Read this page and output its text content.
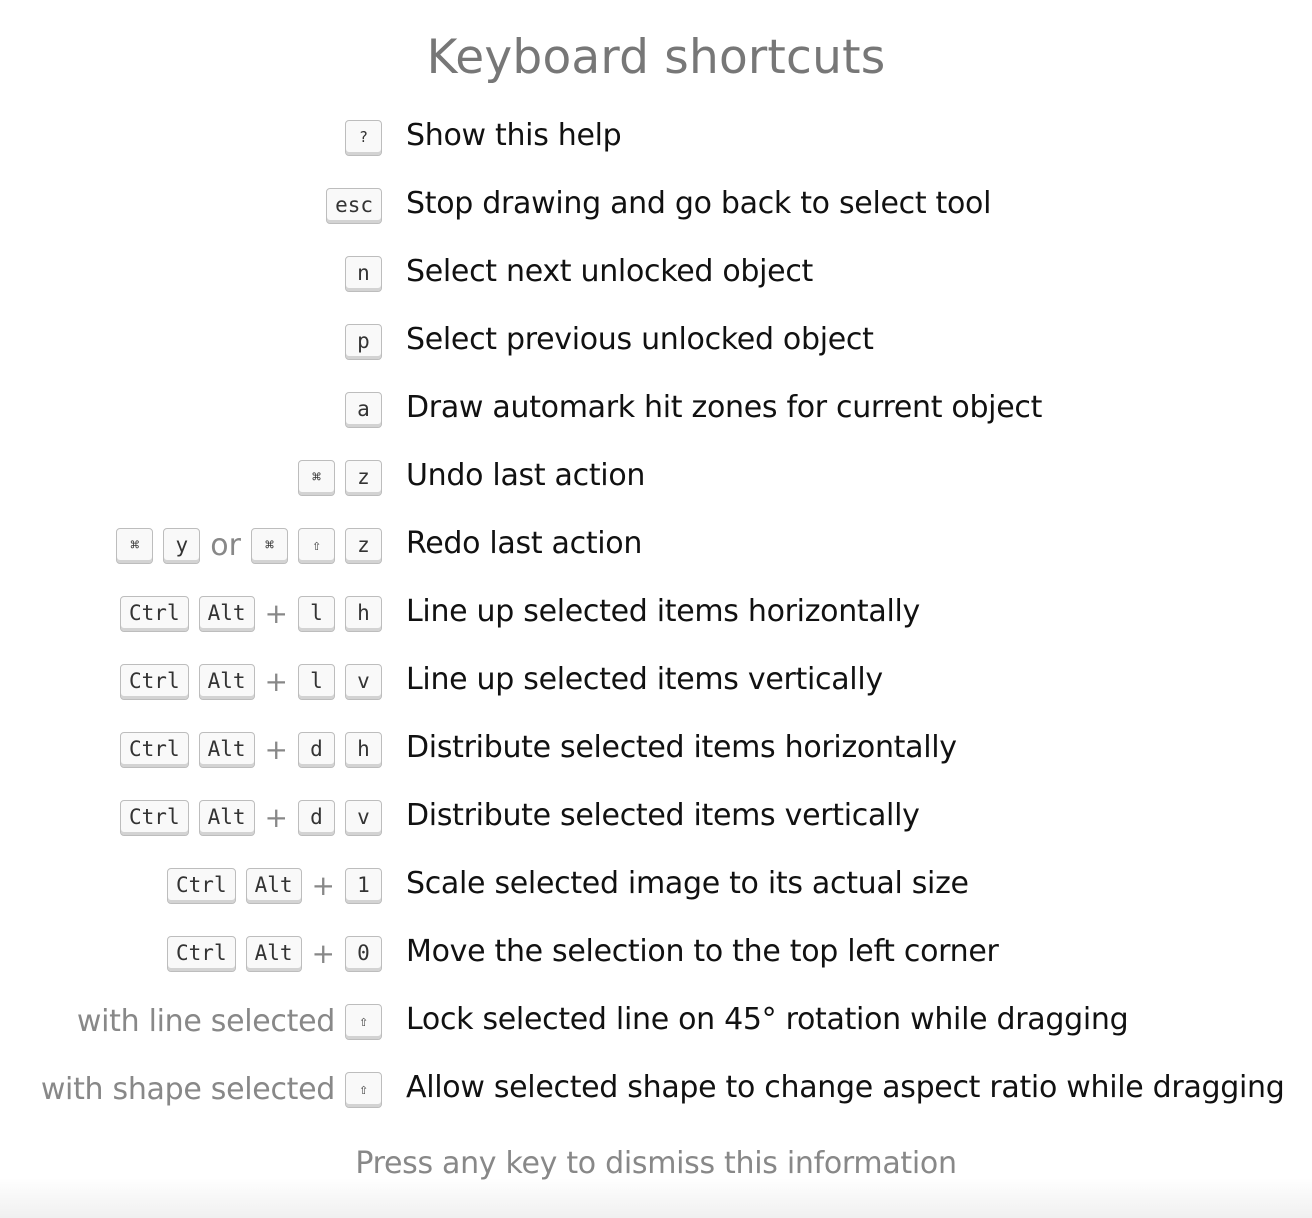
Keyboard shortcuts
?	Show this help
esc	Stop drawing and go back to select tool
n	Select next unlocked object
p	Select previous unlocked object
a	Draw automark hit zones for current object
⌘	z	Undo last action
⌘	y or	⌘	⇧	z	Redo last action
Ctrl	Alt +	l	h	Line up selected items horizontally
Ctrl	Alt +	l	v	Line up selected items vertically
Ctrl	Alt +	d	h	Distribute selected items horizontally
Ctrl	Alt +	d	v	Distribute selected items vertically
Ctrl	Alt +	1	Scale selected image to its actual size
Ctrl	Alt +	0	Move the selection to the top left corner
with line selected	⇧	Lock selected line on 45° rotation while dragging
with shape selected	⇧	Allow selected shape to change aspect ratio while dragging
Press any key to dismiss this information
